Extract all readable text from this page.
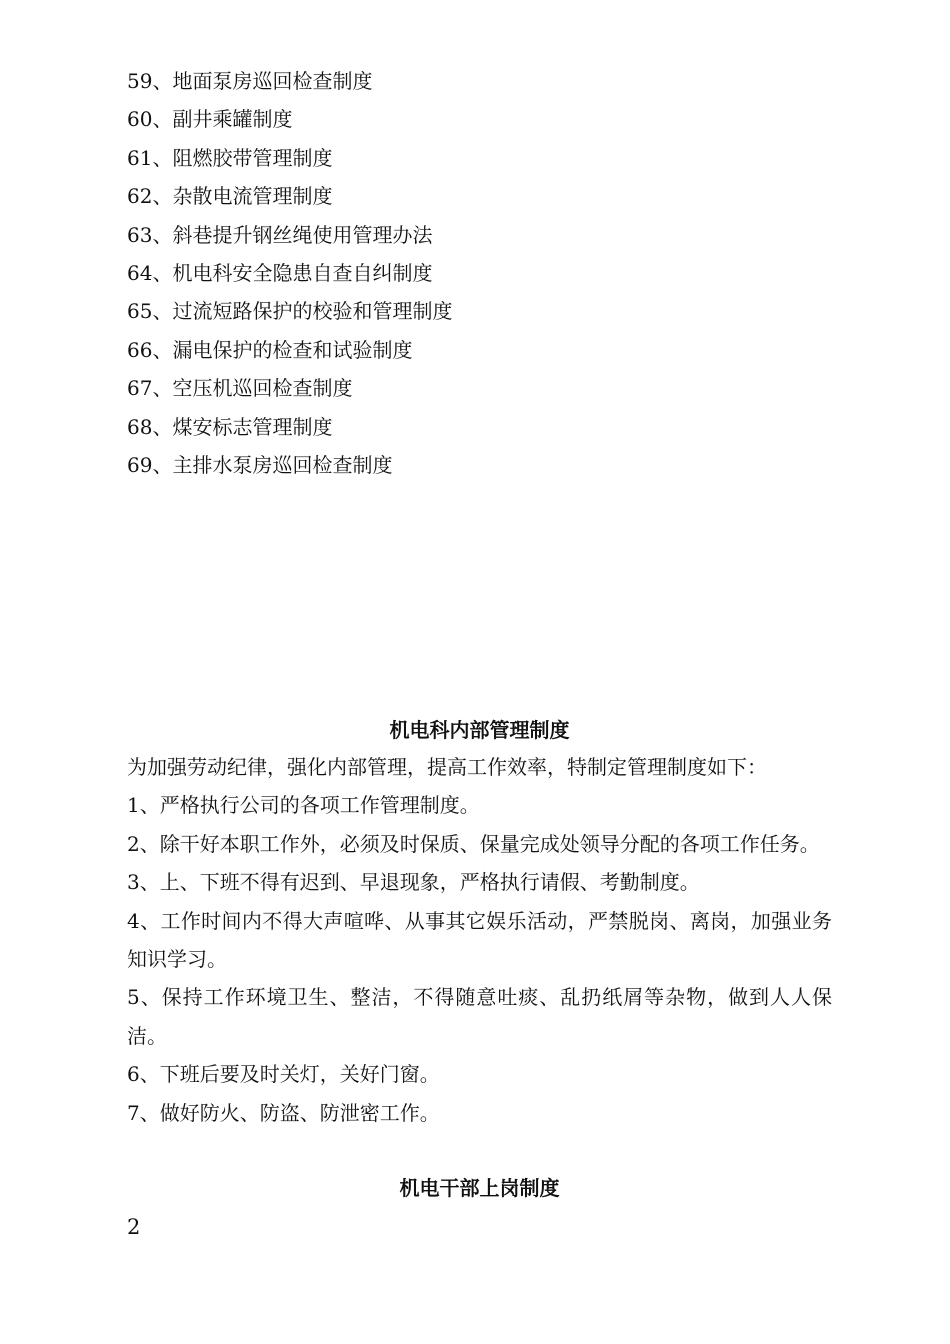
59、地面泵房巡回检查制度
60、副井乘罐制度
61、阻燃胶带管理制度
62、杂散电流管理制度
63、斜巷提升钢丝绳使用管理办法
64、机电科安全隐患自查自纠制度
65、过流短路保护的校验和管理制度
66、漏电保护的检查和试验制度
67、空压机巡回检查制度
68、煤安标志管理制度
69、主排水泵房巡回检查制度
机电科内部管理制度

为加强劳动纪律，强化内部管理，提高工作效率，特制定管理制度如下：

1、严格执行公司的各项工作管理制度。

2、除干好本职工作外，必须及时保质、保量完成处领导分配的各项工作任务。

3、上、下班不得有迟到、早退现象，严格执行请假、考勤制度。

4、工作时间内不得大声喧哗、从事其它娱乐活动，严禁脱岗、离岗，加强业务知识学习。

5、保持工作环境卫生、整洁，不得随意吐痰、乱扔纸屑等杂物，做到人人保洁。

6、下班后要及时关灯，关好门窗。

7、做好防火、防盗、防泄密工作。

机电干部上岗制度
2
